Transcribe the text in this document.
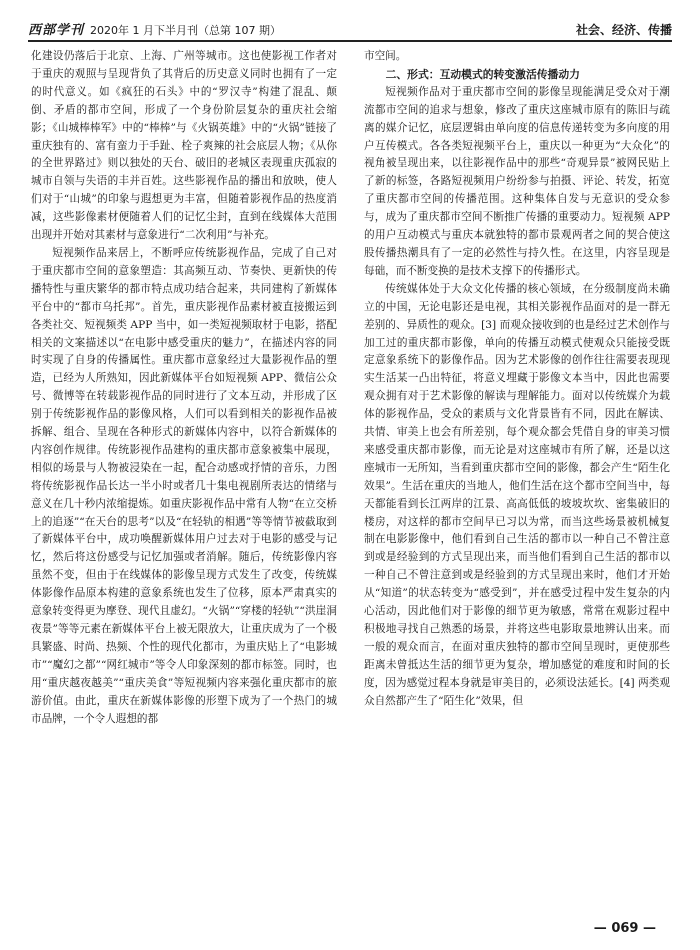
西部学刊 2020年 1 月下半月刊（总第 107 期）	社会、经济、传播

化建设仍落后于北京、上海、广州等城市。这也使影视工作者对于重庆的观照与呈现背负了其背后的历史意义同时也拥有了一定的时代意义。如《疯狂的石头》中的“罗汉寺”构建了混乱、颠倒、矛盾的都市空间，形成了一个身份阶层复杂的重庆社会缩影；《山城棒棒军》中的“棒棒”与《火锅英雄》中的“火锅”链接了重庆独有的、富有蛮力于手趾、栓子爽辣的社会底层人物；《从你的全世界路过》则以独处的天台、破旧的老城区表现重庆孤寂的城市自领与失语的丰并百姓。这些影视作品的播出和放映，使人们对于“山城”的印象与遐想更为丰富，但随着影视作品的热度消减，这些影像素材便随着人们的记忆尘封，直到在线媒体大范围出现并开始对其素材与意象进行“二次利用”与补充。

短视频作品来居上，不断呼应传统影视作品，完成了自己对于重庆都市空间的意象塑造：其高频互动、节奏快、更新快的传播特性与重庆繁华的都市特点成功结合起来，共同建构了新媒体平台中的“都市乌托邦”。首先，重庆影视作品素材被直接搬运到各类社交、短视频类 APP 当中，如一类短视频取材于电影，搭配相关的文案描述以“在电影中感受重庆的魅力”，在描述内容的同时实现了自身的传播属性。重庆都市意象经过大量影视作品的塑造，已经为人所熟知，因此新媒体平台如短视频 APP、微信公众号、微博等在转载影视作品的同时进行了文本互动，并形成了区别于传统影视作品的影像风格，人们可以看到相关的影视作品被拆解、组合、呈现在各种形式的新媒体内容中，以符合新媒体的内容创作规律。传统影视作品建构的重庆都市意象被集中展现，相似的场景与人物被浸染在一起，配合动感或抒情的音乐，力图将传统影视作品长达一半小时或者几十集电视剧所表达的情绪与意义在几十秒内浓缩提炼。如重庆影视作品中常有人物“在立交桥上的追逐”“在天台的思考”以及“在轻轨的相遇”等等情节被截取到了新媒体平台中，成功唤醒新媒体用户过去对于电影的感受与记忆，然后将这份感受与记忆加强或者消解。随后，传统影像内容虽然不变，但由于在线媒体的影像呈现方式发生了改变，传统媒体影像作品原本构建的意象系统也发生了位移，原本严肃真实的意象转变得更为摩登、现代且虚幻。“火锅”“穿楼的轻轨”“洪崖洞夜景”等等元素在新媒体平台上被无限放大，让重庆成为了一个极具繁盛、时尚、热频、个性的现代化都市，为重庆贴上了“电影城市”“魔幻之都”“网红城市”等令人印象深刻的都市标签。同时，也用“重庆越夜越美”“重庆美食”等短视频内容来强化重庆都市的旅游价值。由此，重庆在新媒体影像的形塑下成为了一个热门的城市品牌，一个令人遐想的都

市空间。

二、形式：互动模式的转变激活传播动力

短视频作品对于重庆都市空间的影像呈现能满足受众对于潮流都市空间的追求与想象，修改了重庆这座城市原有的陈旧与疏离的媒介记忆，底层逻辑由单向度的信息传递转变为多向度的用户互传模式。各各类短视频平台上，重庆以一种更为“大众化”的视角被呈现出来，以往影视作品中的那些“奇观异景”被网民贴上了新的标签，各路短视频用户纷纷参与拍摄、评论、转发，拓宽了重庆都市空间的传播范围。这种集体自发与无意识的受众参与，成为了重庆都市空间不断推广传播的重要动力。短视频 APP 的用户互动模式与重庆本就独特的都市景观两者之间的契合使这股传播热潮具有了一定的必然性与持久性。在这里，内容呈现是每础，而不断变换的是技术支撑下的传播形式。

传统媒体处于大众文化传播的核心领域，在分级制度尚未确立的中国，无论电影还是电视，其相关影视作品面对的是一群无差别的、异质性的观众。[3] 而观众接收到的也是经过艺术创作与加工过的重庆都市影像，单向的传播互动模式使观众只能接受既定意象系统下的影像作品。因为艺术影像的创作往往需要表现现实生活某一凸出特征，将意义埋藏于影像文本当中，因此也需要观众拥有对于艺术影像的解读与理解能力。面对以传统媒介为载体的影视作品，受众的素质与文化背景皆有不同，因此在解读、共情、审美上也会有所差别，每个观众都会凭借自身的审美习惯来感受重庆都市影像，而无论是对这座城市有所了解，还是以这座城市一无所知，当看到重庆都市空间的影像，都会产生“陌生化效果”。生活在重庆的当地人，他们生活在这个都市空间当中，每天都能看到长江两岸的江景、高高低低的坡坡坎坎、密集破旧的楼房，对这样的都市空间早已习以为常，而当这些场景被机械复制在电影影像中，他们看到自己生活的都市以一种自己不曾注意到或是经验到的方式呈现出来，而当他们看到自己生活的都市以一种自己不曾注意到或是经验到的方式呈现出来时，他们才开始从“知道”的状态转变为“感受到”，并在感受过程中发生复杂的内心活动，因此他们对于影像的细节更为敏感，常常在观影过程中积极地寻找自己熟悉的场景，并将这些电影取景地辨认出来。而一般的观众而言，在面对重庆独特的都市空间呈现时，更使那些距离未曾抵达生活的细节更为复杂，增加感觉的难度和时间的长度，因为感觉过程本身就是审美目的，必须设法延长。[4] 两类观众自然都产生了“陌生化”效果，但

— 069 —
